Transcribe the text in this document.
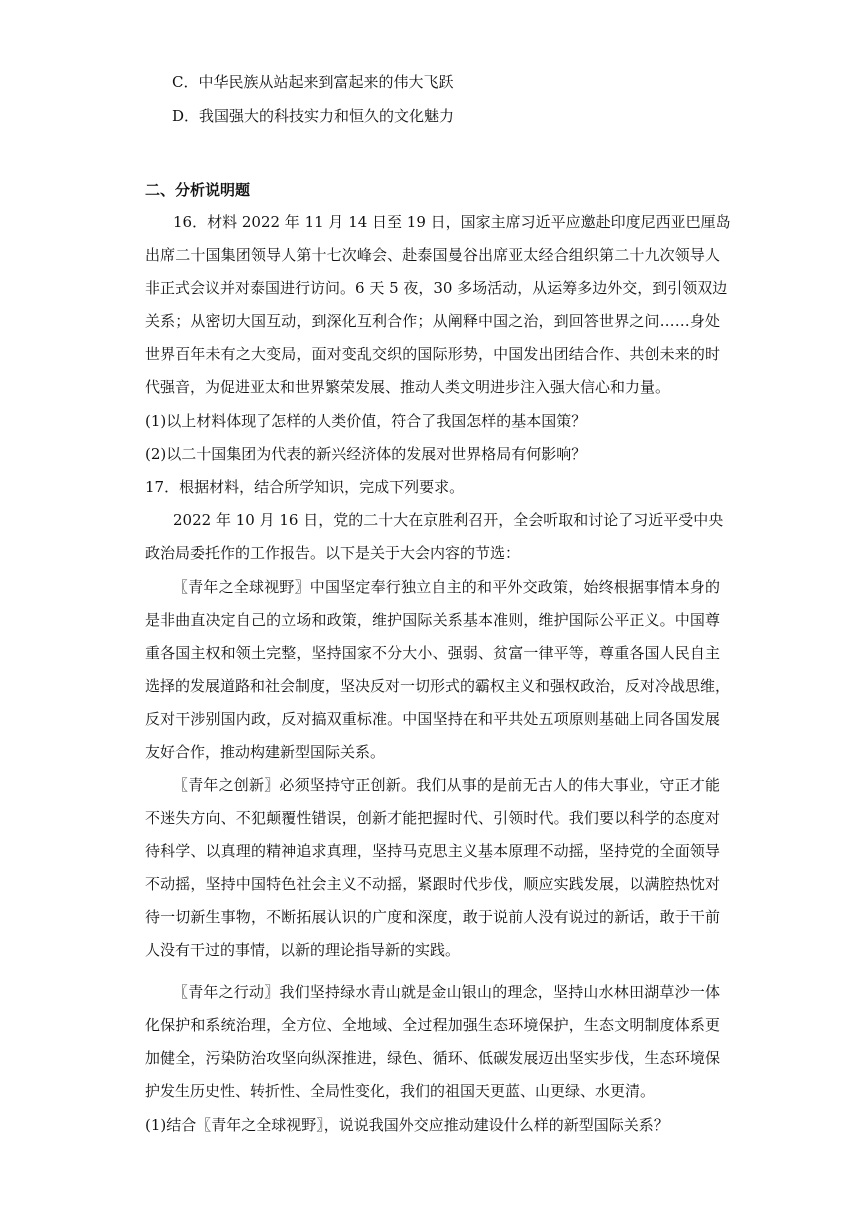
C．中华民族从站起来到富起来的伟大飞跃
D．我国强大的科技实力和恒久的文化魅力
二、分析说明题
16．材料 2022 年 11 月 14 日至 19 日，国家主席习近平应邀赴印度尼西亚巴厘岛
出席二十国集团领导人第十七次峰会、赴泰国曼谷出席亚太经合组织第二十九次领导人
非正式会议并对泰国进行访问。6 天 5 夜，30 多场活动，从运筹多边外交，到引领双边
关系；从密切大国互动，到深化互利合作；从阐释中国之治，到回答世界之问……身处
世界百年未有之大变局，面对变乱交织的国际形势，中国发出团结合作、共创未来的时
代强音，为促进亚太和世界繁荣发展、推动人类文明进步注入强大信心和力量。
(1)以上材料体现了怎样的人类价值，符合了我国怎样的基本国策？
(2)以二十国集团为代表的新兴经济体的发展对世界格局有何影响？
17．根据材料，结合所学知识，完成下列要求。
2022 年 10 月 16 日，党的二十大在京胜利召开，全会听取和讨论了习近平受中央
政治局委托作的工作报告。以下是关于大会内容的节选：
〖青年之全球视野〗中国坚定奉行独立自主的和平外交政策，始终根据事情本身的
是非曲直决定自己的立场和政策，维护国际关系基本准则，维护国际公平正义。中国尊
重各国主权和领土完整，坚持国家不分大小、强弱、贫富一律平等，尊重各国人民自主
选择的发展道路和社会制度，坚决反对一切形式的霸权主义和强权政治，反对冷战思维，
反对干涉别国内政，反对搞双重标准。中国坚持在和平共处五项原则基础上同各国发展
友好合作，推动构建新型国际关系。
〖青年之创新〗必须坚持守正创新。我们从事的是前无古人的伟大事业，守正才能
不迷失方向、不犯颠覆性错误，创新才能把握时代、引领时代。我们要以科学的态度对
待科学、以真理的精神追求真理，坚持马克思主义基本原理不动摇，坚持党的全面领导
不动摇，坚持中国特色社会主义不动摇，紧跟时代步伐，顺应实践发展，以满腔热忱对
待一切新生事物，不断拓展认识的广度和深度，敢于说前人没有说过的新话，敢于干前
人没有干过的事情，以新的理论指导新的实践。
〖青年之行动〗我们坚持绿水青山就是金山银山的理念，坚持山水林田湖草沙一体
化保护和系统治理，全方位、全地域、全过程加强生态环境保护，生态文明制度体系更
加健全，污染防治攻坚向纵深推进，绿色、循环、低碳发展迈出坚实步伐，生态环境保
护发生历史性、转折性、全局性变化，我们的祖国天更蓝、山更绿、水更清。
(1)结合〖青年之全球视野〗，说说我国外交应推动建设什么样的新型国际关系？
